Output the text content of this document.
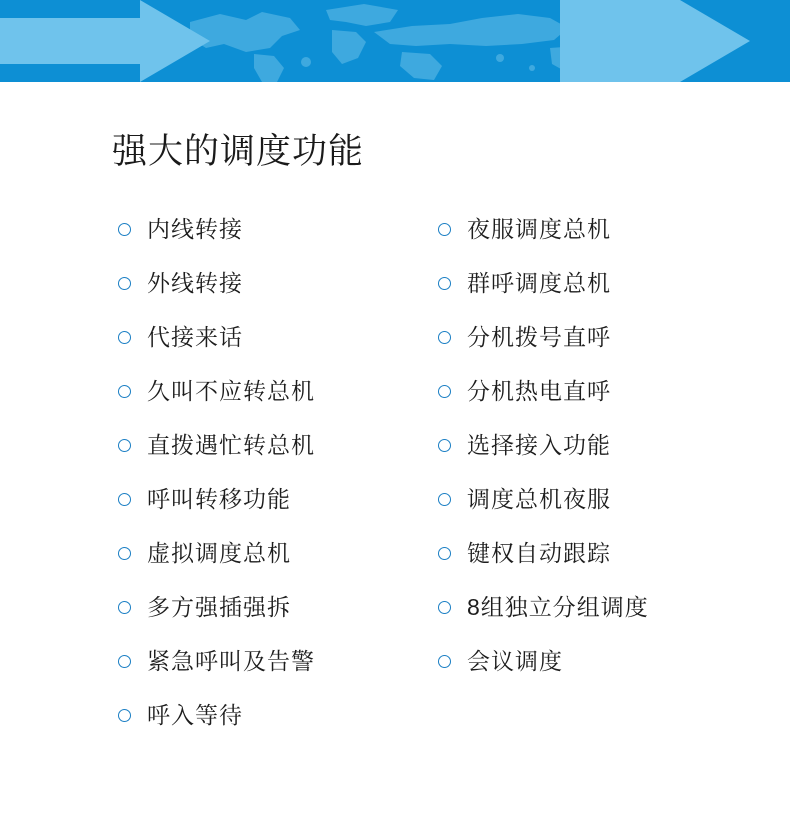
强大的调度功能
内线转接
外线转接
代接来话
久叫不应转总机
直拨遇忙转总机
呼叫转移功能
虚拟调度总机
多方强插强拆
紧急呼叫及告警
呼入等待
夜服调度总机
群呼调度总机
分机拨号直呼
分机热电直呼
选择接入功能
调度总机夜服
键权自动跟踪
8组独立分组调度
会议调度
